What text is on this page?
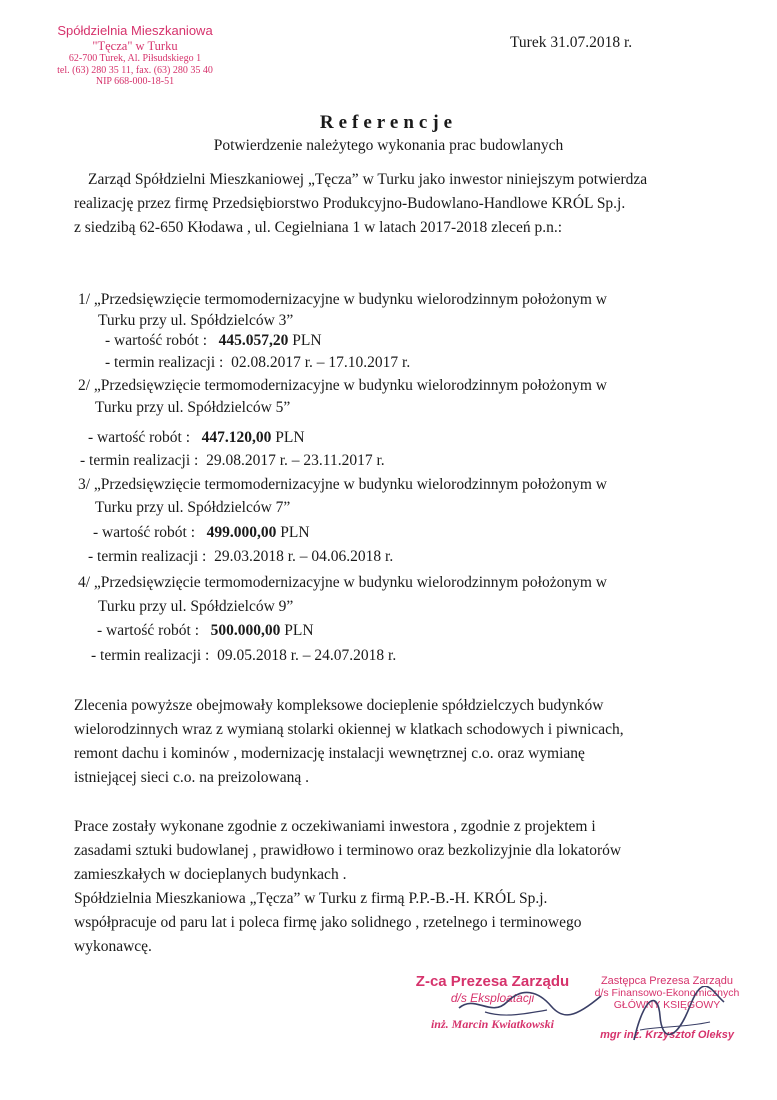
Spółdzielnia Mieszkaniowa
"Tęcza" w Turku
62-700 Turek, Al. Piłsudskiego 1
tel. (63) 280 35 11, fax. (63) 280 35 40
NIP 668-000-18-51
Turek 31.07.2018 r.
Referencje
Potwierdzenie należytego wykonania prac budowlanych
Zarząd Spółdzielni Mieszkaniowej „Tęcza” w Turku jako inwestor niniejszym potwierdza
realizację przez firmę Przedsiębiorstwo Produkcyjno-Budowlano-Handlowe KRÓL Sp.j.
z siedzibą 62-650 Kłodawa , ul. Cegielniana 1 w latach 2017-2018 zleceń p.n.:
1/ „Przedsięwzięcie termomodernizacyjne w budynku wielorodzinnym położonym w
Turku przy ul. Spółdzielców 3”
- wartość robót : 445.057,20 PLN
- termin realizacji : 02.08.2017 r. – 17.10.2017 r.
2/ „Przedsięwzięcie termomodernizacyjne w budynku wielorodzinnym położonym w
Turku przy ul. Spółdzielców 5”
- wartość robót : 447.120,00 PLN
- termin realizacji : 29.08.2017 r. – 23.11.2017 r.
3/ „Przedsięwzięcie termomodernizacyjne w budynku wielorodzinnym położonym w
Turku przy ul. Spółdzielców 7”
- wartość robót : 499.000,00 PLN
- termin realizacji : 29.03.2018 r. – 04.06.2018 r.
4/ „Przedsięwzięcie termomodernizacyjne w budynku wielorodzinnym położonym w
Turku przy ul. Spółdzielców 9”
- wartość robót : 500.000,00 PLN
- termin realizacji : 09.05.2018 r. – 24.07.2018 r.
Zlecenia powyższe obejmowały kompleksowe docieplenie spółdzielczych budynków
wielorodzinnych wraz z wymianą stolarki okiennej w klatkach schodowych i piwnicach,
remont dachu i kominów , modernizację instalacji wewnętrznej c.o. oraz wymianę
istniejącej sieci c.o. na preizolowaną .
Prace zostały wykonane zgodnie z oczekiwaniami inwestora , zgodnie z projektem i
zasadami sztuki budowlanej , prawidłowo i terminowo oraz bezkolizyjnie dla lokatorów
zamieszkałych w docieplanych budynkach .
Spółdzielnia Mieszkaniowa „Tęcza” w Turku z firmą P.P.-B.-H. KRÓL Sp.j.
współpracuje od paru lat i poleca firmę jako solidnego , rzetelnego i terminowego
wykonawcę.
Z-ca Prezesa Zarządu
d/s Eksploatacji
inż. Marcin Kwiatkowski
Zastępca Prezesa Zarządu
d/s Finansowo-Ekonomicznych
GŁÓWNY KSIĘGOWY
mgr inż. Krzysztof Oleksy
